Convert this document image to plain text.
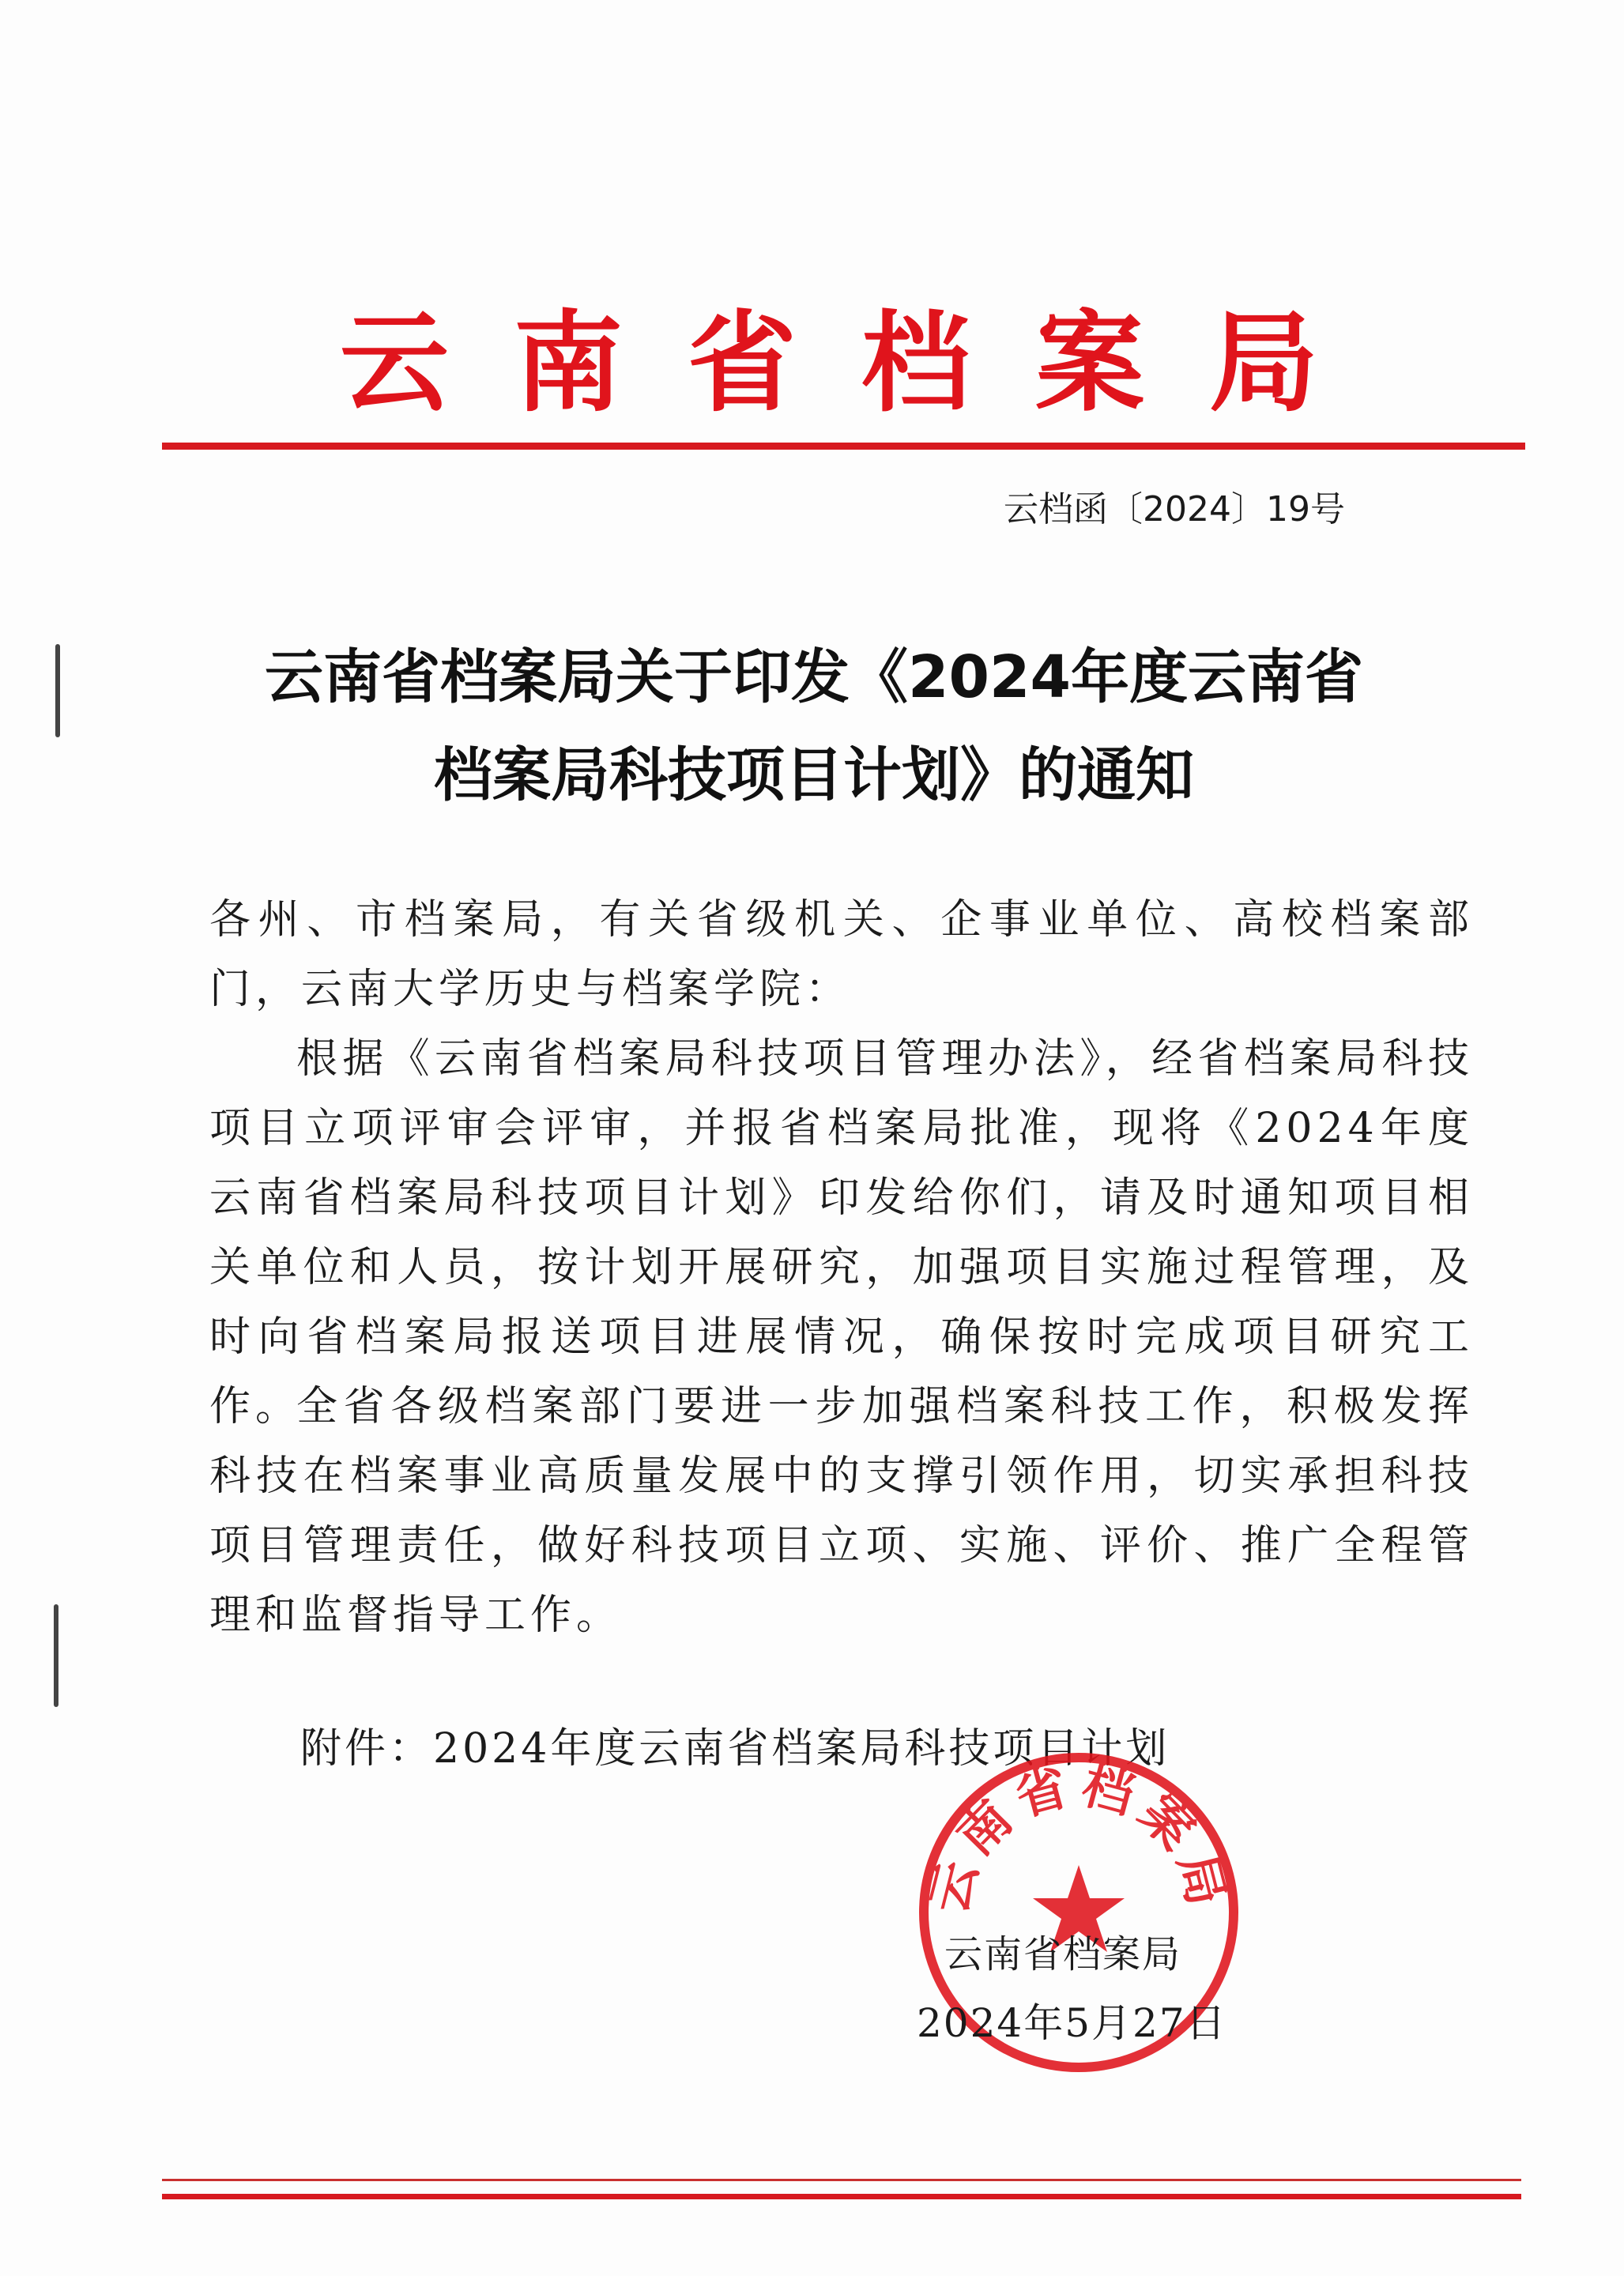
云南省档案局
云档函〔2024〕19号
云南省档案局关于印发《2024年度云南省
档案局科技项目计划》的通知

各州、市档案局，有关省级机关、企事业单位、高校档案部门，云南大学历史与档案学院：

根据《云南省档案局科技项目管理办法》，经省档案局科技项目立项评审会评审，并报省档案局批准，现将《2024年度云南省档案局科技项目计划》印发给你们，请及时通知项目相关单位和人员，按计划开展研究，加强项目实施过程管理，及时向省档案局报送项目进展情况，确保按时完成项目研究工作。

全省各级档案部门要进一步加强档案科技工作，积极发挥科技在档案事业高质量发展中的支撑引领作用，切实承担科技项目管理责任，做好科技项目立项、实施、评价、推广全程管理和监督指导工作。

附件：2024年度云南省档案局科技项目计划
云南省档案局
云南省档案局
2024年5月27日
